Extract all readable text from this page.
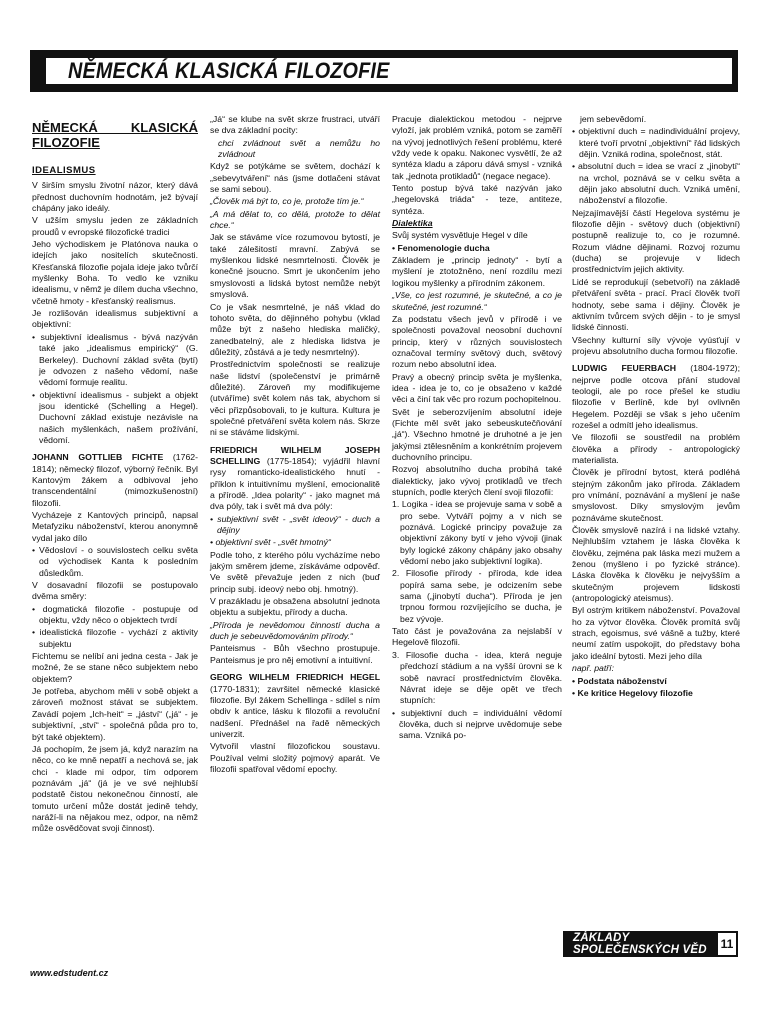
NĚMECKÁ KLASICKÁ FILOZOFIE
NĚMECKÁ KLASICKÁ FILOZOFIE
IDEALISMUS

V širším smyslu životní názor, který dává přednost duchovním hodnotám, jež bývají chápány jako ideály.

V užším smyslu jeden ze základních proudů v evropské filozofické tradici

Jeho východiskem je Platónova nauka o idejích jako nositelích skutečnosti. Křesťanská filozofie pojala ideje jako tvůrčí myšlenky Boha. To vedlo ke vzniku idealismu, v němž je dílem ducha všechno, včetně hmoty - křesťanský realismus.

Je rozlišován idealismus subjektivní a objektivní:

• subjektivní idealismus - bývá nazýván také jako „idealismus empirický“ (G. Berkeley). Duchovní základ světa (bytí) je odvozen z našeho vědomí, naše vědomí formuje realitu.

• objektivní idealismus - subjekt a objekt jsou identické (Schelling a Hegel). Duchovní základ existuje nezávisle na našich myšlenkách, našem prožívání, vědomí.

JOHANN GOTTLIEB FICHTE (1762-1814); německý filozof, výborný řečník. Byl Kantovým žákem a odbivoval jeho transcendentální (mimozkušenostní) filozofii.

Vycházeje z Kantových principů, napsal Metafyziku náboženství, kterou anonymně vydal jako dílo

• Vědosloví - o souvislostech celku světa od východisek Kanta k posledním důsledkům.

V dosavadní filozofii se postupovalo dvěma směry:

• dogmatická filozofie - postupuje od objektu, vždy něco o objektech tvrdí

• idealistická filozofie - vychází z aktivity subjektu

Fichtemu se nelíbí ani jedna cesta - Jak je možné, že se stane něco subjektem nebo objektem?

Je potřeba, abychom měli v sobě objekt a zároveň možnost stávat se subjektem. Zavádí pojem „Ich-heit“ = „jáství“ („já“ - je subjektivní, „ství“ - společná půda pro to, být také objektem).

Já pochopím, že jsem já, když narazím na něco, co ke mně nepatří a nechová se, jak chci - klade mi odpor, tím odporem poznávám „já“ (já je ve své nejhlubší podstatě čistou nekonečnou činností, ale tomuto určení může dostát jedině tehdy, naráží-li na nějakou mez, odpor, na němž může osvědčovat svoji činnost).

„Já“ se klube na svět skrze frustraci, utváří se dva základní pocity:

chci zvládnout svět a nemůžu ho zvládnout

Když se potýkáme se světem, dochází k „sebevytváření“ nás (jsme dotlačeni stávat se sami sebou).

„Člověk má být to, co je, protože tím je.“

„A má dělat to, co dělá, protože to dělat chce.“

Jak se stáváme více rozumovou bytostí, je také zálešitostí mravní. Zabývá se myšlenkou lidské nesmrtelnosti. Člověk je konečné jsoucno. Smrt je ukončením jeho smyslovosti a lidská bytost nemůže nebýt smyslová.

Co je však nesmrtelné, je náš vklad do tohoto světa, do dějinného pohybu (vklad může být z našeho hlediska maličký, zanedbatelný, ale z hlediska lidstva je důležitý, zůstává a je tedy nesmrtelný).

Prostřednictvím společnosti se realizuje naše lidství (společenství je primárně důležité). Zároveň my modifikujeme (utváříme) svět kolem nás tak, abychom si věci přizpůsobovali, to je kultura. Kultura je společné přetváření světa kolem nás. Skrze ni se stáváme lidskými.

FRIEDRICH WILHELM JOSEPH SCHELLING (1775-1854); vyjádřil hlavní rysy romanticko-idealistického hnutí - příklon k intuitivnímu myšlení, emocionalitě a přírodě. „Idea polarity“ - jako magnet má dva póly, tak i svět má dva póly:

• subjektivní svět - „svět ideový“ - duch a dějiny

• objektivní svět - „svět hmotný“

Podle toho, z kterého pólu vycházíme nebo jakým směrem jdeme, získáváme odpověď. Ve světě převažuje jeden z nich (buď princip subj. ideový nebo obj. hmotný).

V prazákladu je obsažena absolutní jednota objektu a subjektu, přírody a ducha.

„Příroda je nevědomou činností ducha a duch je sebeuvědomováním přírody.“

Panteismus - Bůh všechno prostupuje. Panteismus je pro něj emotivní a intuitivní.

GEORG WILHELM FRIEDRICH HEGEL (1770-1831); završitel německé klasické filozofie. Byl žákem Schellinga - sdílel s ním obdiv k antice, lásku k filozofii a revoluční nadšení. Přednášel na řadě německých univerzit.

Vytvořil vlastní filozofickou soustavu. Používal velmi složitý pojmový aparát. Ve filozofii spatřoval vědomí epochy.

Pracuje dialektickou metodou - nejprve vyloží, jak problém vzniká, potom se zaměří na vývoj jednotlivých řešení problému, které vždy vede k opaku. Nakonec vysvětlí, že až syntéza kladu a záporu dává smysl - vzniká tak „jednota protikladů“ (negace negace).

Tento postup bývá také nazýván jako „hegelovská triáda“ - teze, antiteze, syntéza.

Dialektika

Svůj systém vysvětluje Hegel v díle

• Fenomenologie ducha

Základem je „princip jednoty“ - bytí a myšlení je ztotožněno, není rozdílu mezi logikou myšlenky a přírodním zákonem.

„Vše, co jest rozumné, je skutečné, a co je skutečné, jest rozumné.“

Za podstatu všech jevů v přírodě i ve společnosti považoval neosobní duchovní princip, který v různých souvislostech označoval termíny světový duch, světový rozum nebo absolutní idea.

Pravý a obecný princip světa je myšlenka, idea - idea je to, co je obsaženo v každé věci a činí tak věc pro rozum pochopitelnou.

Svět je seberozvíjením absolutní ideje (Fichte měl svět jako sebeuskutečňování „já“). Všechno hmotné je druhotné a je jen jakýmsi ztělesněním a konkrétním projevem duchovního principu.

Rozvoj absolutního ducha probíhá také dialekticky, jako vývoj protikladů ve třech stupních, podle kterých člení svoji filozofii:

1. Logika - idea se projevuje sama v sobě a pro sebe. Vytváří pojmy a v nich se poznává. Logické principy považuje za objektivní zákony bytí v jeho vývoji (jinak byly logické zákony chápány jako obsahy vědomí nebo jako subjektivní logika).

2. Filosofie přírody - příroda, kde idea popírá sama sebe, je odcizením sebe sama („jinobytí ducha“). Příroda je jen trpnou formou rozvíjejícího se ducha, je bez vývoje.

Tato část je považována za nejslabší v Hegelově filozofii.

3. Filosofie ducha - idea, která neguje předchozí stádium a na vyšší úrovni se k sobě navrací prostřednictvím člověka. Návrat ideje se děje opět ve třech stupních:

• subjektivní duch = individuální vědomí člověka, duch si nejprve uvědomuje sebe sama. Vzniká po-

jem sebevědomí.

• objektivní duch = nadindividuální projevy, které tvoří prvotní „objektivní“ řád lidských dějin. Vzniká rodina, společnost, stát.

• absolutní duch = idea se vrací z „jinobytí“ na vrchol, poznává se v celku světa a dějin jako absolutní duch. Vzniká umění, náboženství a filozofie.

Nejzajímavější částí Hegelova systému je filozofie dějin - světový duch (objektivní) postupně realizuje to, co je rozumné. Rozum vládne dějinami. Rozvoj rozumu (ducha) se projevuje v lidech prostřednictvím jejich aktivity.

Lidé se reprodukují (sebetvoří) na základě přetváření světa - prací. Prací člověk tvoří hodnoty, sebe sama i dějiny. Člověk je aktivním tvůrcem svých dějin - to je smysl lidské činnosti.

Všechny kulturní síly vývoje vyúsťují v projevu absolutního ducha formou filozofie.

LUDWIG FEUERBACH (1804-1972); nejprve podle otcova přání studoval teologii, ale po roce přešel ke studiu filozofie v Berlíně, kde byl ovlivněn Hegelem. Později se však s jeho učením rozešel a odmítl jeho idealismus.

Ve filozofii se soustředil na problém člověka a přírody - antropologický materialista.

Člověk je přírodní bytost, která podléhá stejným zákonům jako příroda. Základem pro vnímání, poznávání a myšlení je naše smyslovost. Díky smyslovým jevům poznáváme skutečnost.

Člověk smyslově nazírá i na lidské vztahy. Nejhlubším vztahem je láska člověka k člověku, zejména pak láska mezi mužem a ženou (myšleno i po fyzické stránce). Láska člověka k člověku je nejvyšším a skutečným projevem lidskosti (antropologický ateismus).

Byl ostrým kritikem náboženství. Považoval ho za výtvor člověka. Člověk promítá svůj strach, egoismus, své vášně a tužby, které neumí zatím uspokojit, do představy boha jako ideální bytosti. Mezi jeho díla

např. patří:

• Podstata náboženství

• Ke kritice Hegelovy filozofie

ZÁKLADY SPOLEČENSKÝCH VĚD	11
www.edstudent.cz
